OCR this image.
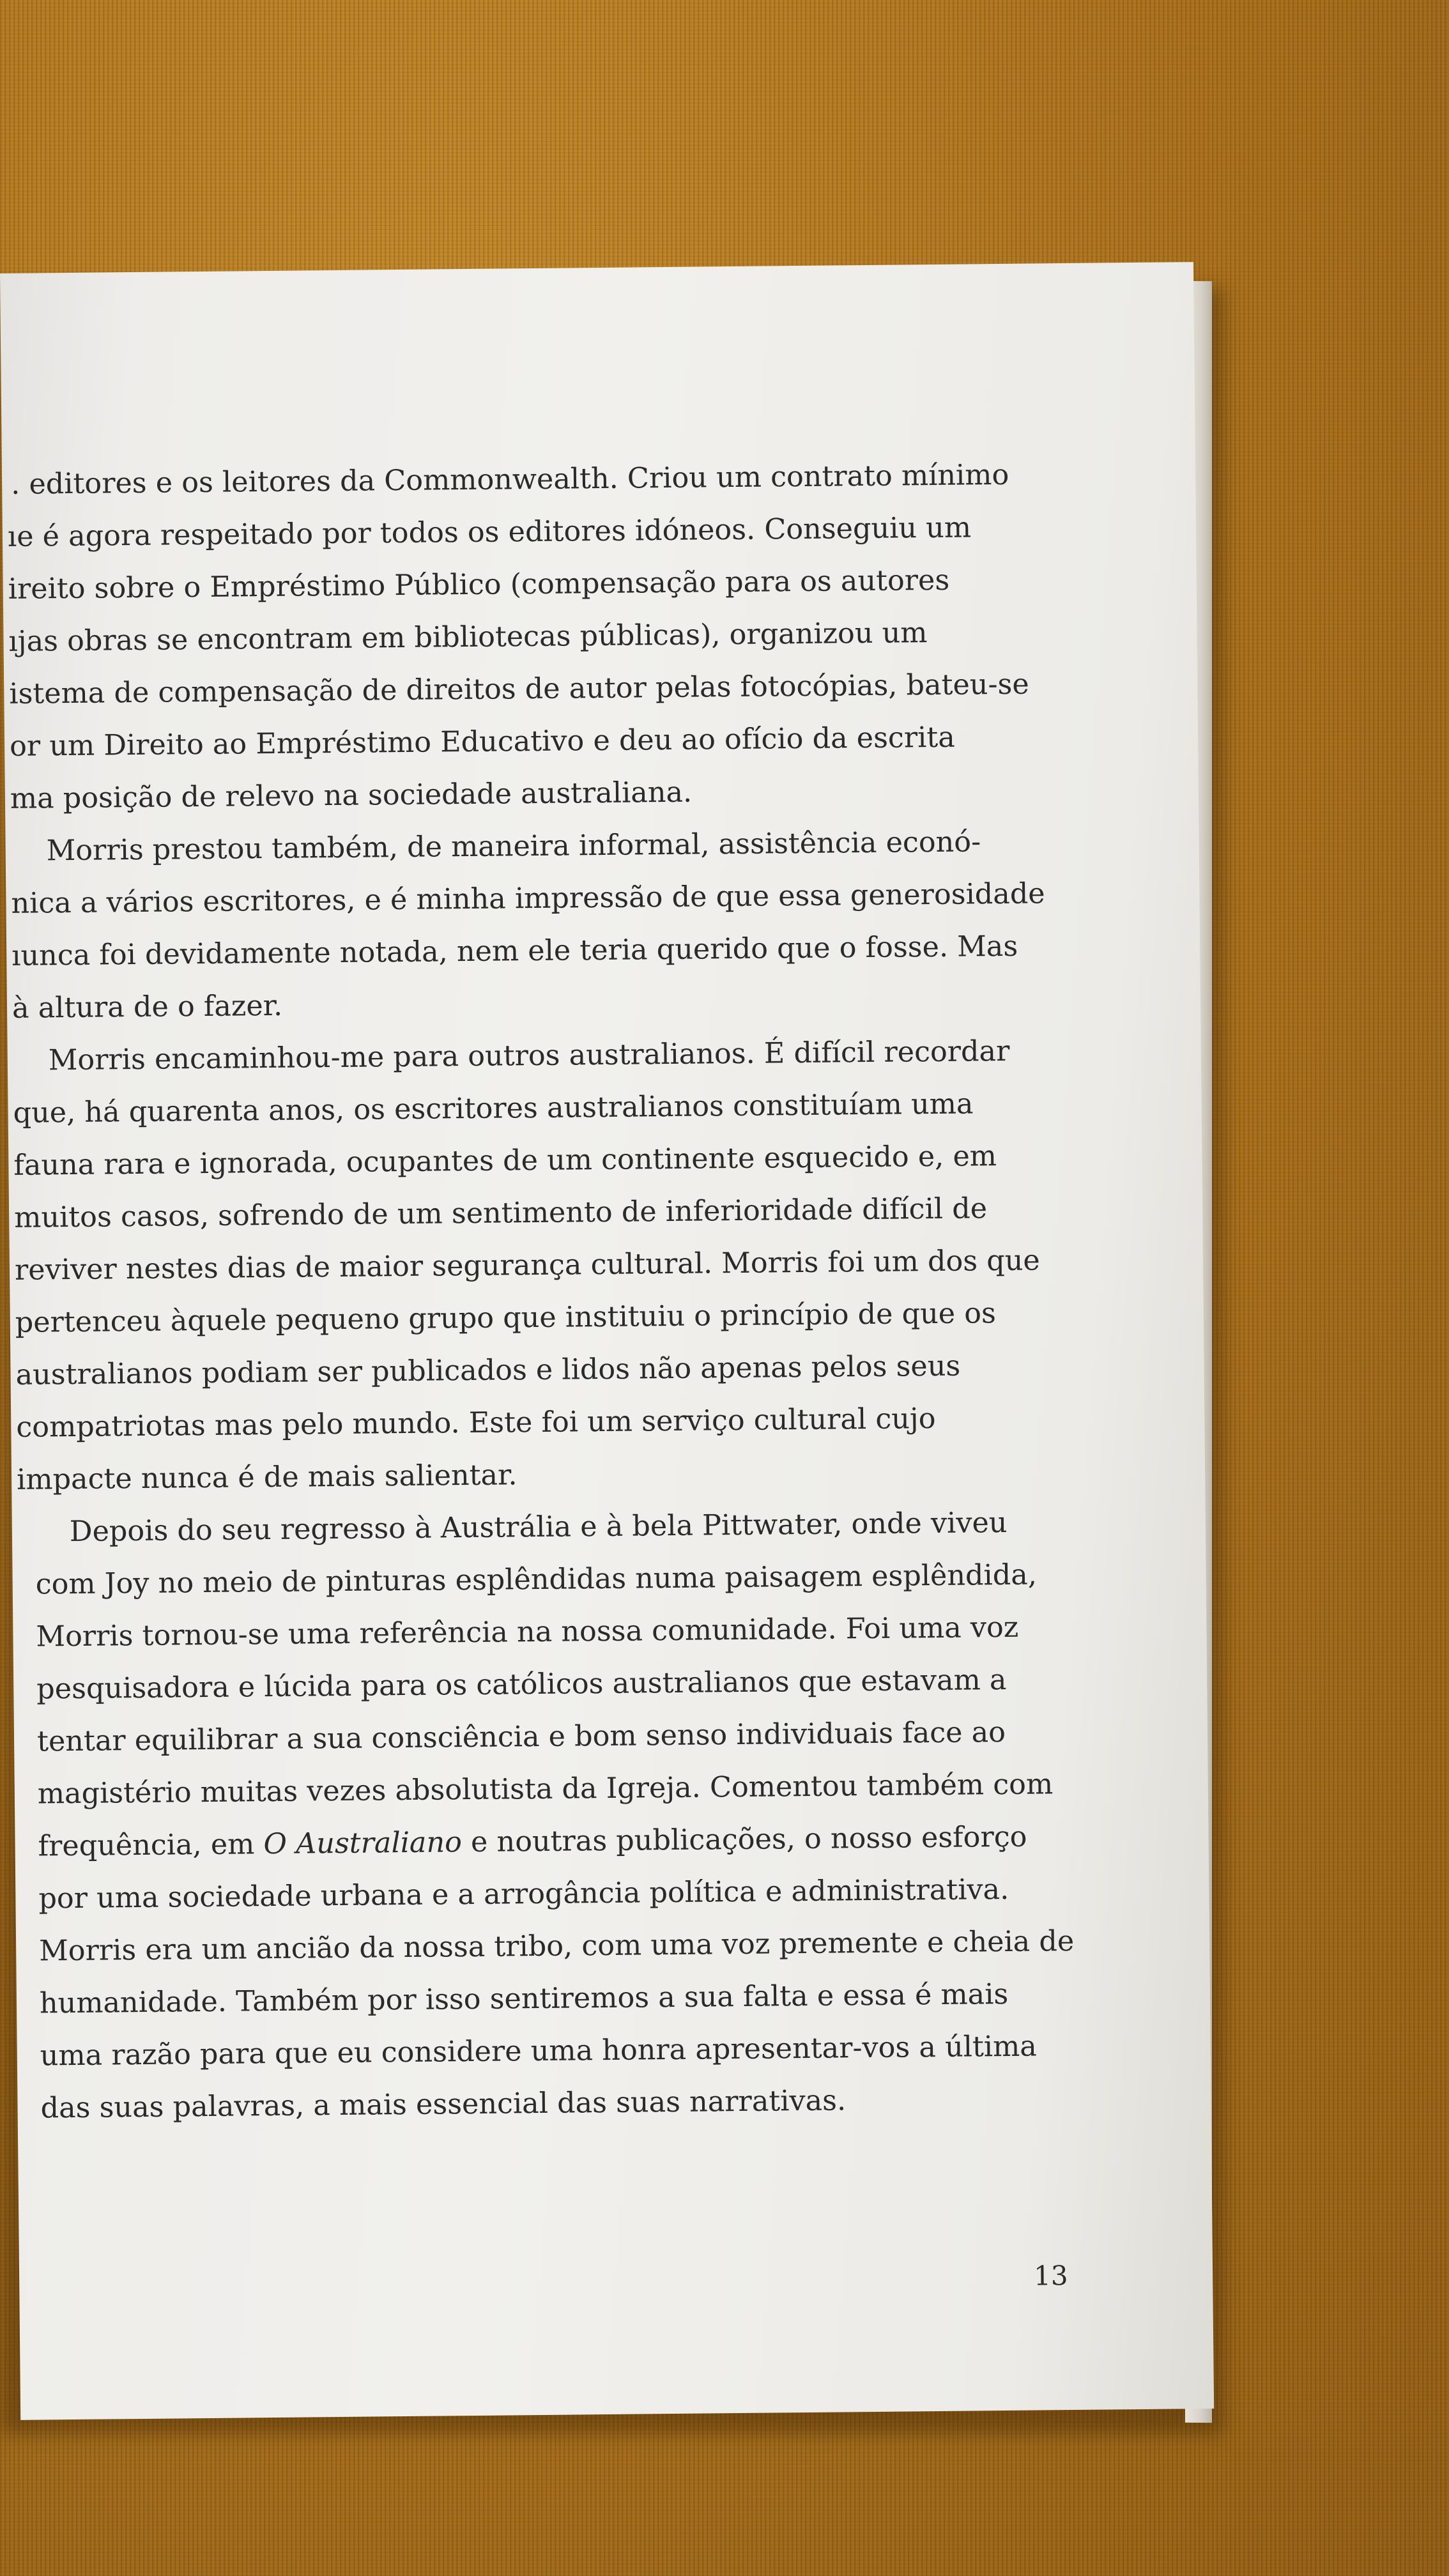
. editores e os leitores da Commonwealth. Criou um contrato mínimo
ıe é agora respeitado por todos os editores idóneos. Conseguiu um
ireito sobre o Empréstimo Público (compensação para os autores
ıjas obras se encontram em bibliotecas públicas), organizou um
istema de compensação de direitos de autor pelas fotocópias, bateu-se
or um Direito ao Empréstimo Educativo e deu ao ofício da escrita
ma posição de relevo na sociedade australiana.
Morris prestou também, de maneira informal, assistência econó-
nica a vários escritores, e é minha impressão de que essa generosidade
ıunca foi devidamente notada, nem ele teria querido que o fosse. Mas
à altura de o fazer.
Morris encaminhou-me para outros australianos. É difícil recordar
que, há quarenta anos, os escritores australianos constituíam uma
fauna rara e ignorada, ocupantes de um continente esquecido e, em
muitos casos, sofrendo de um sentimento de inferioridade difícil de
reviver nestes dias de maior segurança cultural. Morris foi um dos que
pertenceu àquele pequeno grupo que instituiu o princípio de que os
australianos podiam ser publicados e lidos não apenas pelos seus
compatriotas mas pelo mundo. Este foi um serviço cultural cujo
impacte nunca é de mais salientar.
Depois do seu regresso à Austrália e à bela Pittwater, onde viveu
com Joy no meio de pinturas esplêndidas numa paisagem esplêndida,
Morris tornou-se uma referência na nossa comunidade. Foi uma voz
pesquisadora e lúcida para os católicos australianos que estavam a
tentar equilibrar a sua consciência e bom senso individuais face ao
magistério muitas vezes absolutista da Igreja. Comentou também com
frequência, em O Australiano e noutras publicações, o nosso esforço
por uma sociedade urbana e a arrogância política e administrativa.
Morris era um ancião da nossa tribo, com uma voz premente e cheia de
humanidade. Também por isso sentiremos a sua falta e essa é mais
uma razão para que eu considere uma honra apresentar-vos a última
das suas palavras, a mais essencial das suas narrativas.
13
